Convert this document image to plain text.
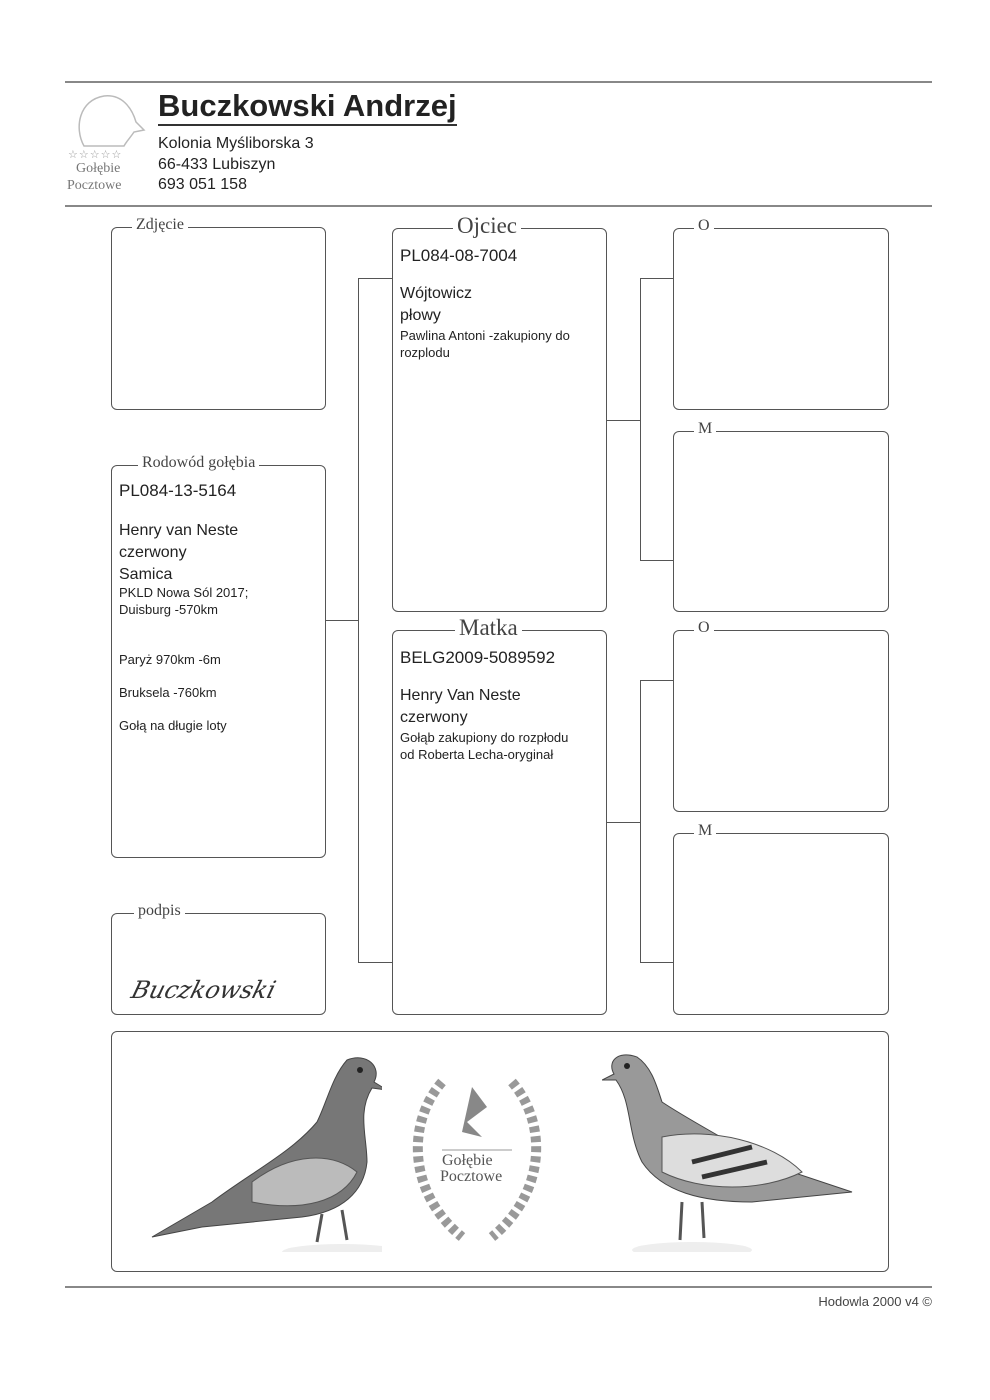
☆☆☆☆☆
Gołębie
Pocztowe
Buczkowski Andrzej
Kolonia Myśliborska 3
66-433 Lubiszyn
693 051 158
Zdjęcie
Rodowód gołębia
PL084-13-5164
Henry van Neste
czerwony
Samica
PKLD Nowa Sól 2017;
Duisburg -570km
Paryż 970km -6m
Bruksela -760km
Gołą na długie loty
podpis
Buczkowski
Ojciec
PL084-08-7004
Wójtowicz
płowy
Pawlina Antoni -zakupiony do
rozplodu
Matka
BELG2009-5089592
Henry Van Neste
czerwony
Gołąb zakupiony do rozpłodu
od Roberta Lecha-oryginał
O
M
O
M
Gołębie
Pocztowe
Hodowla 2000 v4 ©
